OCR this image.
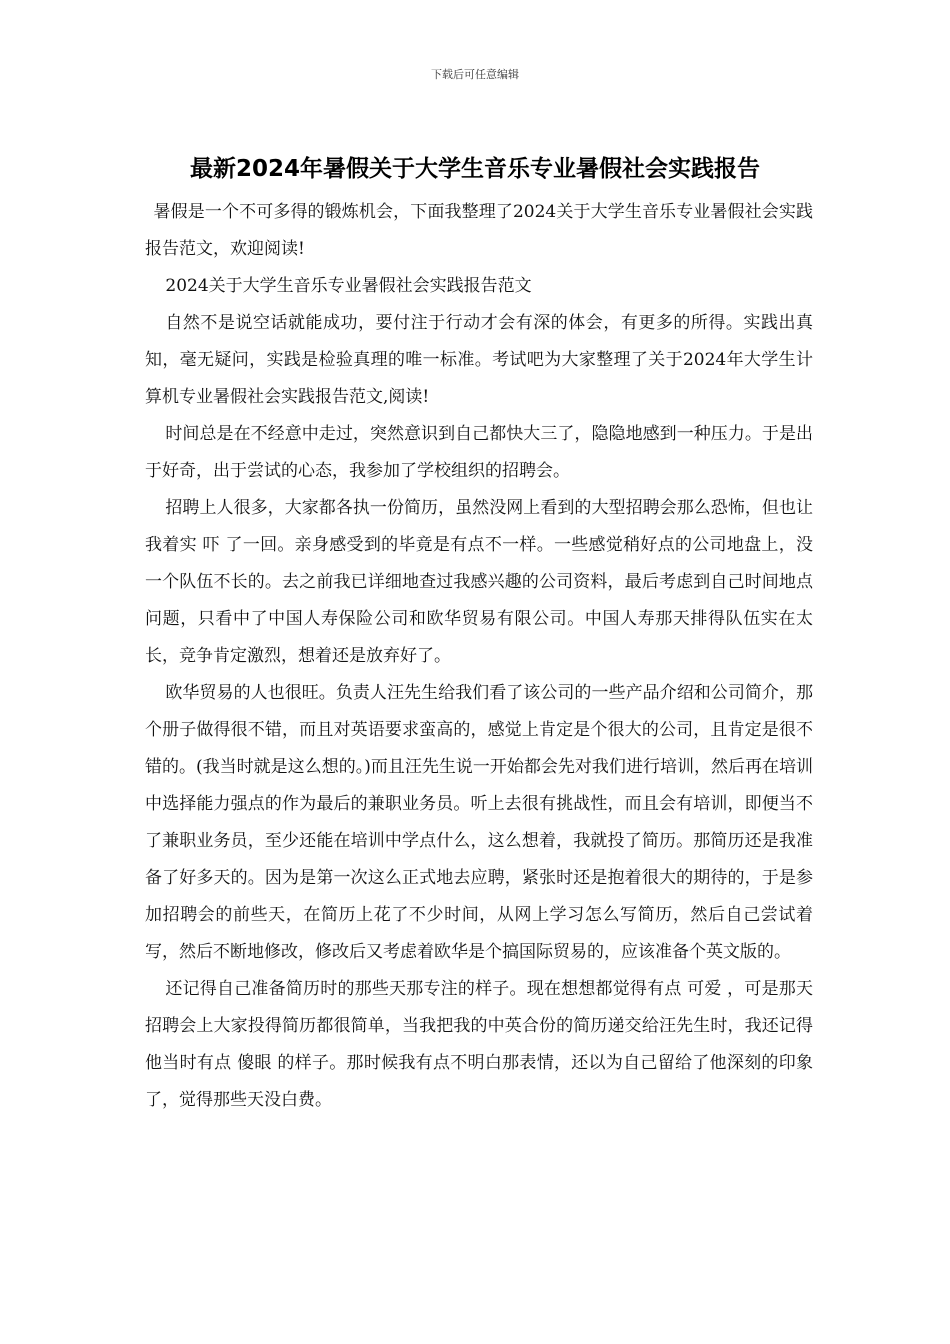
下载后可任意编辑
最新2024年暑假关于大学生音乐专业暑假社会实践报告

暑假是一个不可多得的锻炼机会，下面我整理了2024关于大学生音乐专业暑假社会实践报告范文，欢迎阅读!

2024关于大学生音乐专业暑假社会实践报告范文

自然不是说空话就能成功，要付注于行动才会有深的体会，有更多的所得。实践出真知，毫无疑问，实践是检验真理的唯一标准。考试吧为大家整理了关于2024年大学生计算机专业暑假社会实践报告范文,阅读!

时间总是在不经意中走过，突然意识到自己都快大三了，隐隐地感到一种压力。于是出于好奇，出于尝试的心态，我参加了学校组织的招聘会。

招聘上人很多，大家都各执一份简历，虽然没网上看到的大型招聘会那么恐怖，但也让我着实 吓 了一回。亲身感受到的毕竟是有点不一样。一些感觉稍好点的公司地盘上，没一个队伍不长的。去之前我已详细地查过我感兴趣的公司资料，最后考虑到自己时间地点问题，只看中了中国人寿保险公司和欧华贸易有限公司。中国人寿那天排得队伍实在太长，竞争肯定激烈，想着还是放弃好了。

欧华贸易的人也很旺。负责人汪先生给我们看了该公司的一些产品介绍和公司简介，那个册子做得很不错，而且对英语要求蛮高的，感觉上肯定是个很大的公司，且肯定是很不错的。(我当时就是这么想的。)而且汪先生说一开始都会先对我们进行培训，然后再在培训中选择能力强点的作为最后的兼职业务员。听上去很有挑战性，而且会有培训，即便当不了兼职业务员，至少还能在培训中学点什么，这么想着，我就投了简历。那简历还是我准备了好多天的。因为是第一次这么正式地去应聘，紧张时还是抱着很大的期待的，于是参加招聘会的前些天，在简历上花了不少时间，从网上学习怎么写简历，然后自己尝试着写，然后不断地修改，修改后又考虑着欧华是个搞国际贸易的，应该准备个英文版的。

还记得自己准备简历时的那些天那专注的样子。现在想想都觉得有点 可爱 ，可是那天招聘会上大家投得简历都很简单，当我把我的中英合份的简历递交给汪先生时，我还记得他当时有点 傻眼 的样子。那时候我有点不明白那表情，还以为自己留给了他深刻的印象了，觉得那些天没白费。
